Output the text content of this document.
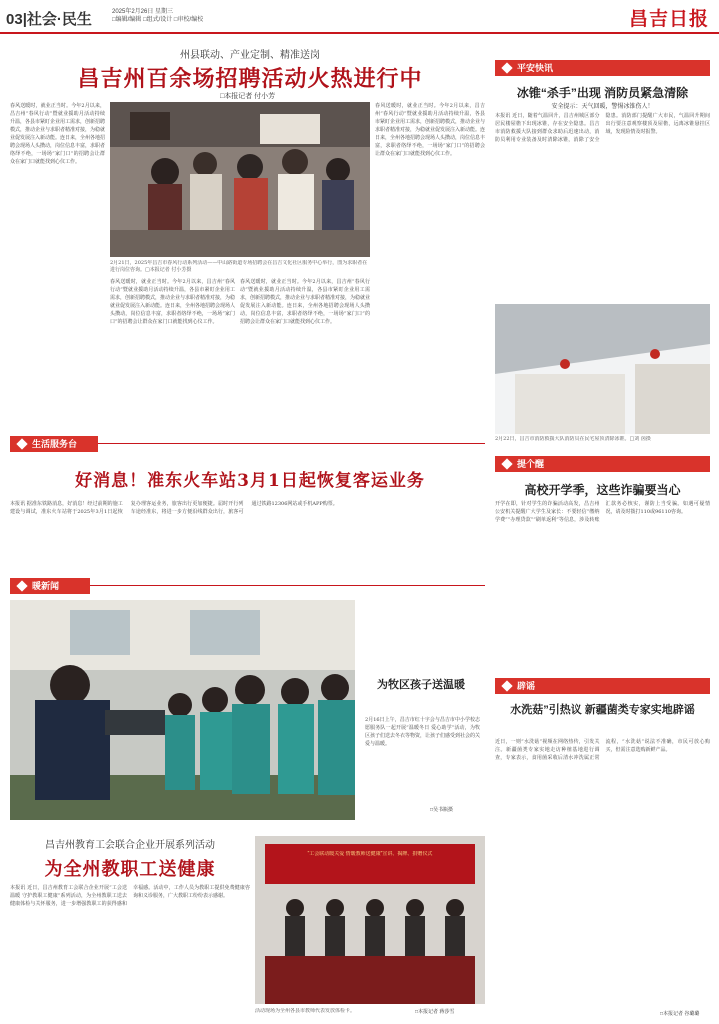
03|社会·民生	2025年2月26日 星期三
□编辑/编辑 □组式/设计 □审校/编校	昌吉日报
州县联动、产业定制、精准送岗
昌吉州百余场招聘活动火热进行中
□本报记者 付小芳
春风送暖时，就业正当时。今年2月以来，昌吉州“春风行动”暨就业援助月活动持续升温，各县市紧盯企业用工需求，创新招聘模式，推动企业与求职者精准对接，为稳就业促发展注入新动能。连日来，全州各地招聘会现场人头攒动，岗位信息丰富，求职者络绎不绝，一场场“家门口”的招聘会让群众在家门口就能找到心仪工作。
2月21日，2025年昌吉市春风行动系列活动——中山路街道专场招聘会在昌吉文化社区服务中心举行，图为求职者在进行岗位咨询。□本报记者 付小芳摄
春风送暖时，就业正当时。今年2月以来，昌吉州“春风行动”暨就业援助月活动持续升温，各县市紧盯企业用工需求，创新招聘模式，推动企业与求职者精准对接，为稳就业促发展注入新动能。连日来，全州各地招聘会现场人头攒动，岗位信息丰富，求职者络绎不绝，一场场“家门口”的招聘会让群众在家门口就能找到心仪工作。
春风送暖时，就业正当时。今年2月以来，昌吉州“春风行动”暨就业援助月活动持续升温，各县市紧盯企业用工需求，创新招聘模式，推动企业与求职者精准对接，为稳就业促发展注入新动能。连日来，全州各地招聘会现场人头攒动，岗位信息丰富，求职者络绎不绝，一场场“家门口”的招聘会让群众在家门口就能找到心仪工作。
春风送暖时，就业正当时。今年2月以来，昌吉州“春风行动”暨就业援助月活动持续升温，各县市紧盯企业用工需求，创新招聘模式，推动企业与求职者精准对接，为稳就业促发展注入新动能。连日来，全州各地招聘会现场人头攒动，岗位信息丰富，求职者络绎不绝，一场场“家门口”的招聘会让群众在家门口就能找到心仪工作。
生活服务台
好消息！准东火车站3月1日起恢复客运业务
本报讯 据准东铁路消息，好消息！经过前期的施工建设与调试，准东火车站将于2025年3月1日起恢复办理客运业务，旅客出行更加便捷。届时开行列车途经准东，将进一步方便沿线群众出行，旅客可通过铁路12306网站或手机APP购票。
暖新闻
为牧区孩子送温暖
2月16日上午，昌吉市红十字会与昌吉市中小学校志愿服务队一起开展“温暖冬日 爱心助学”活动，为牧区孩子们送去冬衣等物资，让孩子们感受到社会的关爱与温暖。
□吴书瓶摄
昌吉州教育工会联合企业开展系列活动
为全州教职工送健康
本报讯 近日，昌吉州教育工会联合企业开展“工会送温暖 守护教职工健康”系列活动，为全州教职工送去健康体检与关怀服务，进一步增强教职工的获得感和幸福感。活动中，工作人员为教职工提供免费健康咨询和义诊服务，广大教职工纷纷表示感谢。
“工会联动暖关爱 情暖教师送健康”宣讲、揭牌、捐赠仪式
活动现场为全州各县市教师代表发放体检卡。	□本报记者 蒋莎雪
平安快讯
冰锥“杀手”出现 消防员紧急清除
安全提示：天气回暖，警惕冰锥伤人！
本报讯 近日，随着气温回升，昌吉州城区部分居民楼屋檐下出现冰锥，存在安全隐患。昌吉市消防救援大队接到群众求助后迅速出动，消防员利用专业装备及时清除冰锥，消除了安全隐患。消防部门提醒广大市民，气温回升期间出行要注意观察楼顶及屋檐，远离冰锥悬挂区域，发现险情及时报警。
2月22日，昌吉市消防救援大队消防员在民宅屋顶清除冰锥。□刘 茵摄
提个醒
高校开学季，这些诈骗要当心
开学在即，针对学生的诈骗活动高发，昌吉州公安机关提醒广大学生及家长：不要轻信“缴纳学费”“办理贷款”“刷单返利”等信息，涉及转账汇款务必核实，谨防上当受骗。如遇可疑情况，请及时拨打110或96110咨询。
辟谣
水洗菇”引热议 新疆菌类专家实地辟谣
近日，一则“水洗菇”视频在网络热传，引发关注。新疆菌类专家实地走访种植基地进行调查，专家表示，食用菌采收后清水冲洗属正常流程，“水洗菇”说法不准确，市民可放心购买，但需注意选购新鲜产品。
□本报记者 谷璐璐
